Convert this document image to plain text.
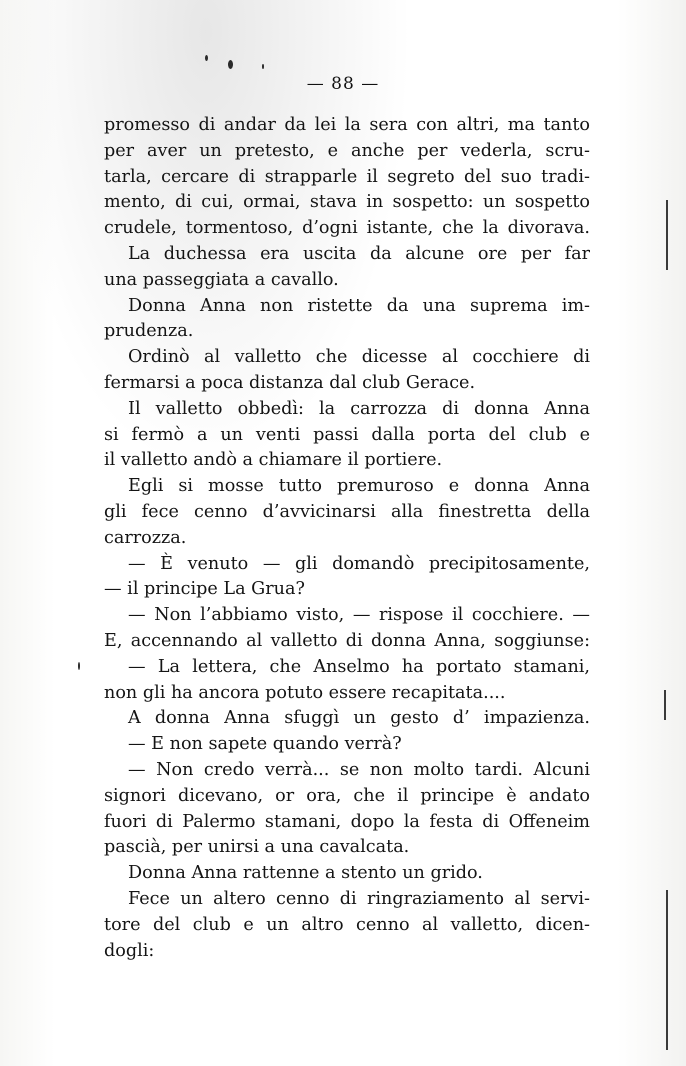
— 88 —
promesso di andar da lei la sera con altri, ma tanto
per aver un pretesto, e anche per vederla, scru-
tarla, cercare di strapparle il segreto del suo tradi-
mento, di cui, ormai, stava in sospetto: un sospetto
crudele, tormentoso, d’ogni istante, che la divorava.
La duchessa era uscita da alcune ore per far
una passeggiata a cavallo.
Donna Anna non ristette da una suprema im-
prudenza.
Ordinò al valletto che dicesse al cocchiere di
fermarsi a poca distanza dal club Gerace.
Il valletto obbedì: la carrozza di donna Anna
si fermò a un venti passi dalla porta del club e
il valletto andò a chiamare il portiere.
Egli si mosse tutto premuroso e donna Anna
gli fece cenno d’avvicinarsi alla finestretta della
carrozza.
— È venuto — gli domandò precipitosamente,
— il principe La Grua?
— Non l’abbiamo visto, — rispose il cocchiere. —
E, accennando al valletto di donna Anna, soggiunse:
— La lettera, che Anselmo ha portato stamani,
non gli ha ancora potuto essere recapitata....
A donna Anna sfuggì un gesto d’ impazienza.
— E non sapete quando verrà?
— Non credo verrà... se non molto tardi. Alcuni
signori dicevano, or ora, che il principe è andato
fuori di Palermo stamani, dopo la festa di Offeneim
pascià, per unirsi a una cavalcata.
Donna Anna rattenne a stento un grido.
Fece un altero cenno di ringraziamento al servi-
tore del club e un altro cenno al valletto, dicen-
dogli:
